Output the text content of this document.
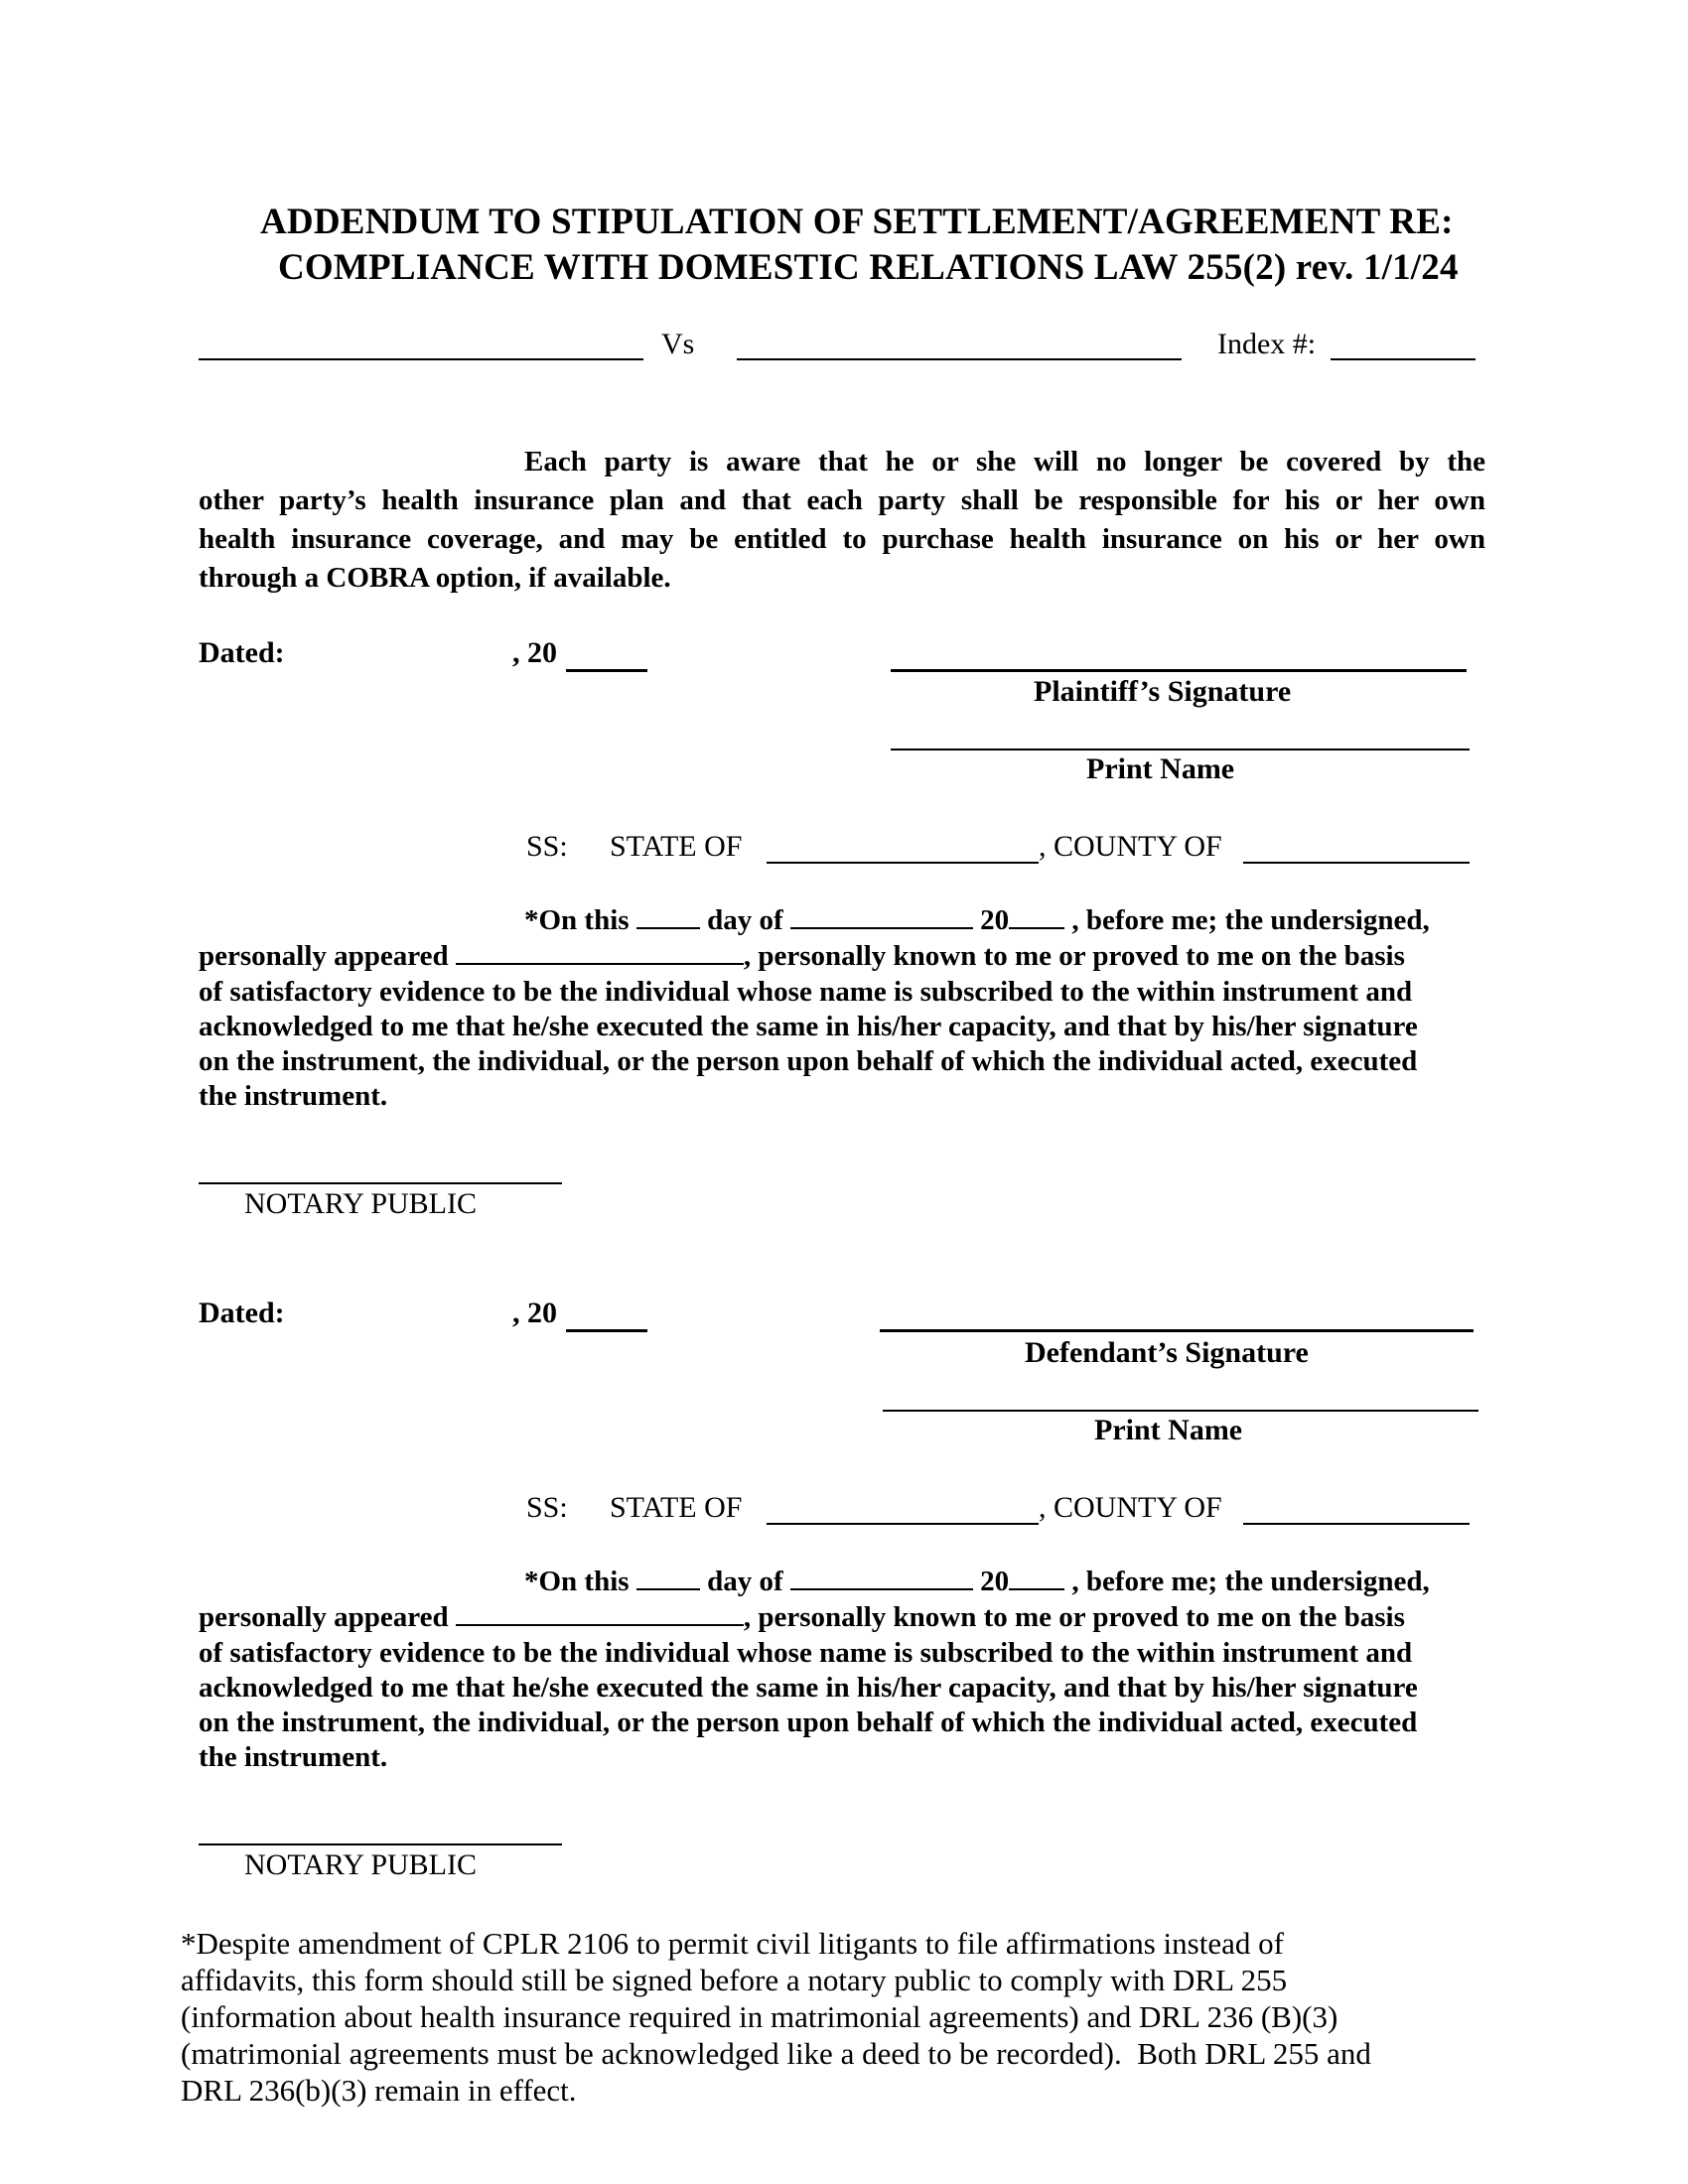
ADDENDUM TO STIPULATION OF SETTLEMENT/AGREEMENT RE:
COMPLIANCE WITH DOMESTIC RELATIONS LAW 255(2) rev. 1/1/24
Vs	Index #:
Each party is aware that he or she will no longer be covered by the
other party’s health insurance plan and that each party shall be responsible for his or her own
health insurance coverage, and may be entitled to purchase health insurance on his or her own
through a COBRA option, if available.
Dated:	, 20
Plaintiff’s Signature
Print Name
SS: STATE OF	, COUNTY OF
*On this	day of	20 , before me; the undersigned,
personally appeared	, personally known to me or proved to me on the basis
of satisfactory evidence to be the individual whose name is subscribed to the within instrument and
acknowledged to me that he/she executed the same in his/her capacity, and that by his/her signature
on the instrument, the individual, or the person upon behalf of which the individual acted, executed
the instrument.
NOTARY PUBLIC
Dated:	, 20
Defendant’s Signature
Print Name
SS: STATE OF	, COUNTY OF
*On this	day of	20 , before me; the undersigned,
personally appeared	, personally known to me or proved to me on the basis
of satisfactory evidence to be the individual whose name is subscribed to the within instrument and
acknowledged to me that he/she executed the same in his/her capacity, and that by his/her signature
on the instrument, the individual, or the person upon behalf of which the individual acted, executed
the instrument.
NOTARY PUBLIC
*Despite amendment of CPLR 2106 to permit civil litigants to file affirmations instead of
affidavits, this form should still be signed before a notary public to comply with DRL 255
(information about health insurance required in matrimonial agreements) and DRL 236 (B)(3)
(matrimonial agreements must be acknowledged like a deed to be recorded).  Both DRL 255 and
DRL 236(b)(3) remain in effect.
